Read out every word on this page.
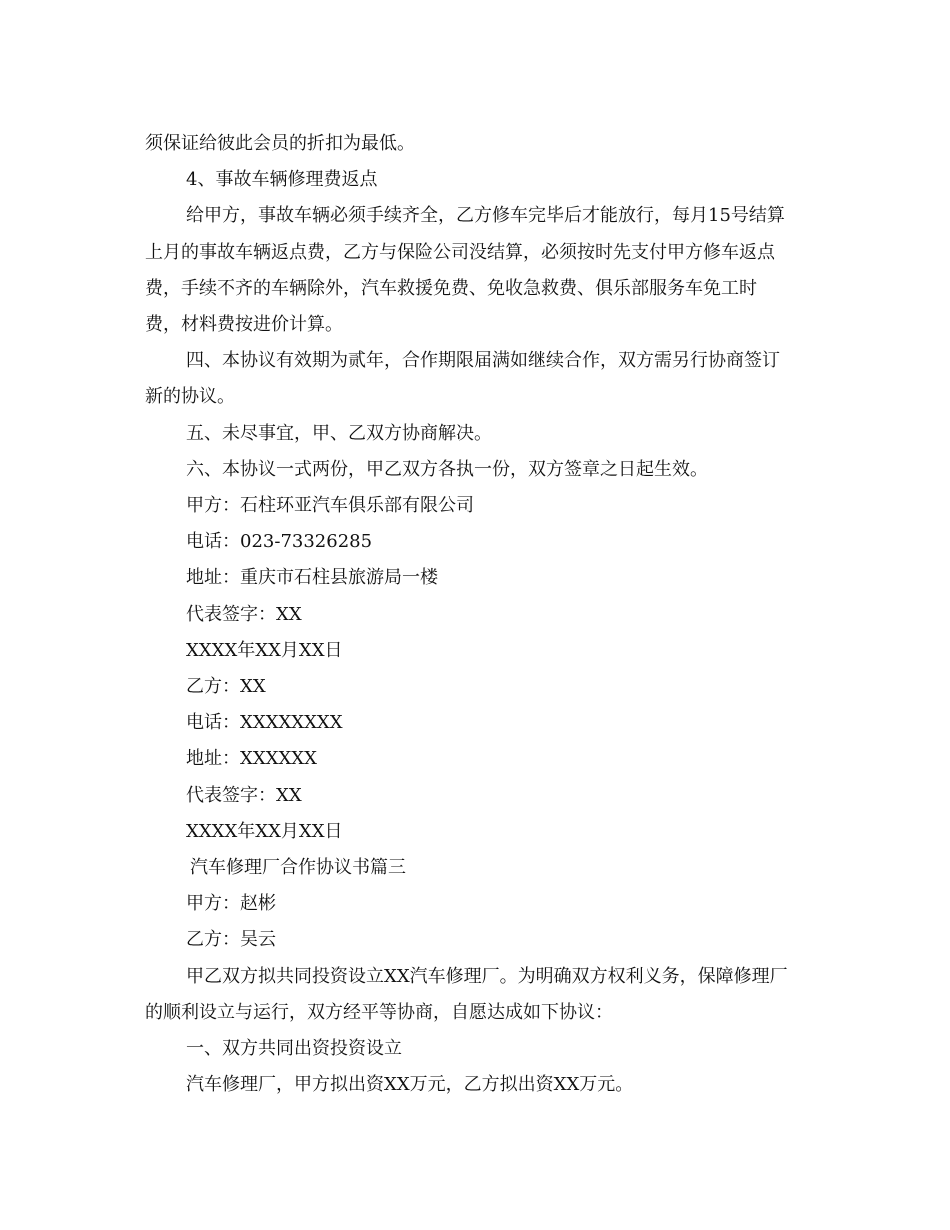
须保证给彼此会员的折扣为最低。

4、事故车辆修理费返点

给甲方，事故车辆必须手续齐全，乙方修车完毕后才能放行，每月15号结算

上月的事故车辆返点费，乙方与保险公司没结算，必须按时先支付甲方修车返点

费，手续不齐的车辆除外，汽车救援免费、免收急救费、俱乐部服务车免工时

费，材料费按进价计算。

四、本协议有效期为贰年，合作期限届满如继续合作，双方需另行协商签订

新的协议。

五、未尽事宜，甲、乙双方协商解决。

六、本协议一式两份，甲乙双方各执一份，双方签章之日起生效。

甲方：石柱环亚汽车俱乐部有限公司

电话：023-73326285

地址：重庆市石柱县旅游局一楼

代表签字：XX

XXXX年XX月XX日

乙方：XX

电话：XXXXXXXX

地址：XXXXXX

代表签字：XX

XXXX年XX月XX日

汽车修理厂合作协议书篇三

甲方：赵彬

乙方：吴云

甲乙双方拟共同投资设立XX汽车修理厂。为明确双方权利义务，保障修理厂

的顺利设立与运行，双方经平等协商，自愿达成如下协议：

一、双方共同出资投资设立

汽车修理厂，甲方拟出资XX万元，乙方拟出资XX万元。
